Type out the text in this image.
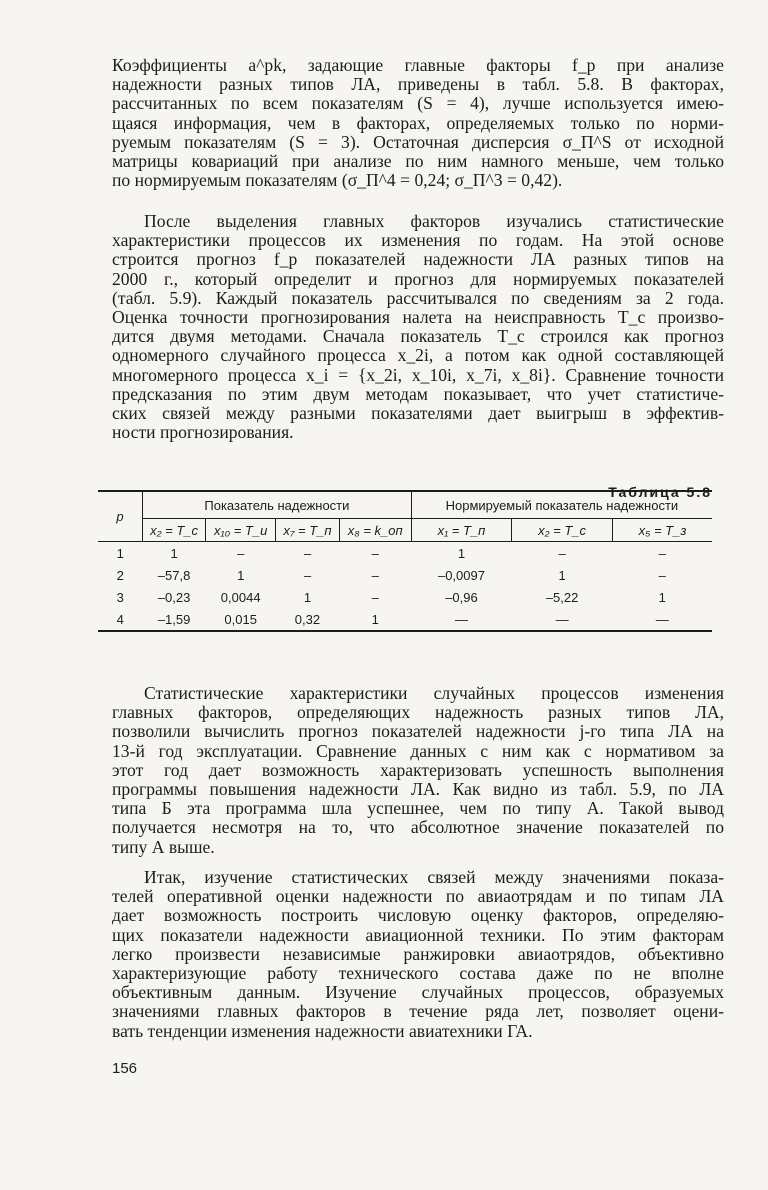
Коэффициенты a^pk, задающие главные факторы f_p при анализе
надежности разных типов ЛА, приведены в табл. 5.8. В факторах,
рассчитанных по всем показателям (S = 4), лучше используется имею-
щаяся информация, чем в факторах, определяемых только по норми-
руемым показателям (S = 3). Остаточная дисперсия σ_П^S от исходной
матрицы коваpиаций при анализе по ним намного меньше, чем только
по нормируемым показателям (σ_П^4 = 0,24; σ_П^3 = 0,42).

После выделения главных факторов изучались статистические
характеристики процессов их изменения по годам. На этой основе
строится прогноз f_p показателей надежности ЛА разных типов на
2000 г., который определит и прогноз для нормируемых показателей
(табл. 5.9). Каждый показатель рассчитывался по сведениям за 2 года.
Оценка точности прогнозирования налета на неисправность T_c произво-
дится двумя методами. Сначала показатель T_c строился как прогноз
одномерного случайного процесса x_2i, а потом как одной составляющей
многомерного процесса x_i = {x_2i, x_10i, x_7i, x_8i}. Сравнение точности
предсказания по этим двум методам показывает, что учет статистиче-
ских связей между разными показателями дает выигрыш в эффектив-
ности прогнозирования.

Таблица 5.8
p	Показатель надежности				Нормируемый показатель надежности		
	x₂ = T_c	x₁₀ = T_и	x₇ = T_п	x₈ = k_оп	x₁ = T_п	x₂ = T_c	x₅ = T_з
1	1	–	–	–	1	–	–
2	–57,8	1	–	–	–0,0097	1	–
3	–0,23	0,0044	1	–	–0,96	–5,22	1
4	–1,59	0,015	0,32	1	—	—	—

Статистические характеристики случайных процессов изменения
главных факторов, определяющих надежность разных типов ЛА,
позволили вычислить прогноз показателей надежности j-го типа ЛА на
13-й год эксплуатации. Сравнение данных с ним как с нормативом за
этот год дает возможность характеризовать успешность выполнения
программы повышения надежности ЛА. Как видно из табл. 5.9, по ЛА
типа Б эта программа шла успешнее, чем по типу А. Такой вывод
получается несмотря на то, что абсолютное значение показателей по
типу А выше.

Итак, изучение статистических связей между значениями показа-
телей оперативной оценки надежности по авиаотрядам и по типам ЛА
дает возможность построить числовую оценку факторов, определяю-
щих показатели надежности авиационной техники. По этим факторам
легко произвести независимые ранжировки авиаотрядов, объективно
характеризующие работу технического состава даже по не вполне
объективным данным. Изучение случайных процессов, образуемых
значениями главных факторов в течение ряда лет, позволяет оцени-
вать тенденции изменения надежности авиатехники ГА.

156
